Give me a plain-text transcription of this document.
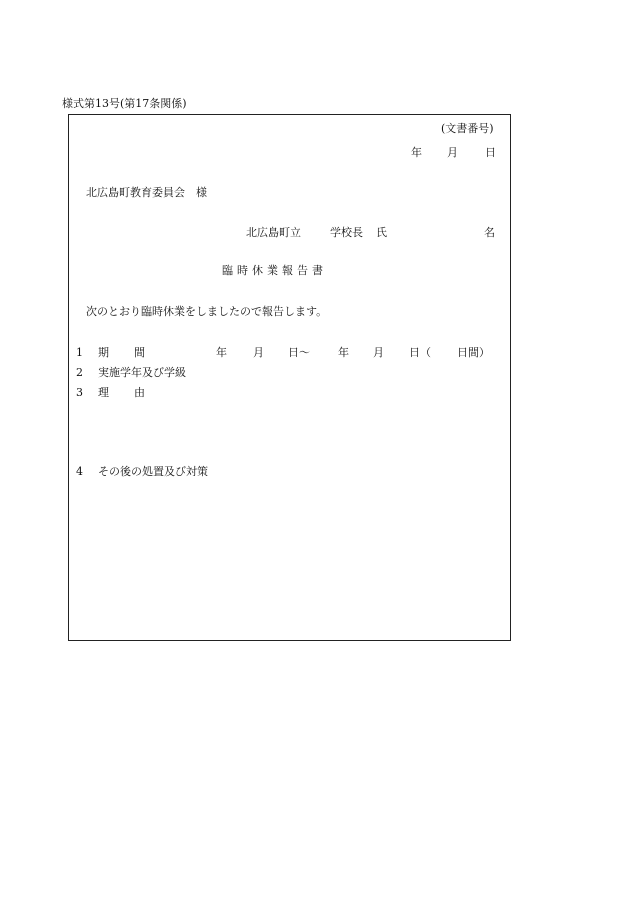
様式第13号(第17条関係)
(文書番号)
年 月 日
北広島町教育委員会　様
北広島町立	学校長 氏	名
臨時休業報告書
次のとおり臨時休業をしましたので報告します。
1 期 間	年 月 日～	年 月 日（ 日間）
2 実施学年及び学級
3 理 由
4 その後の処置及び対策
